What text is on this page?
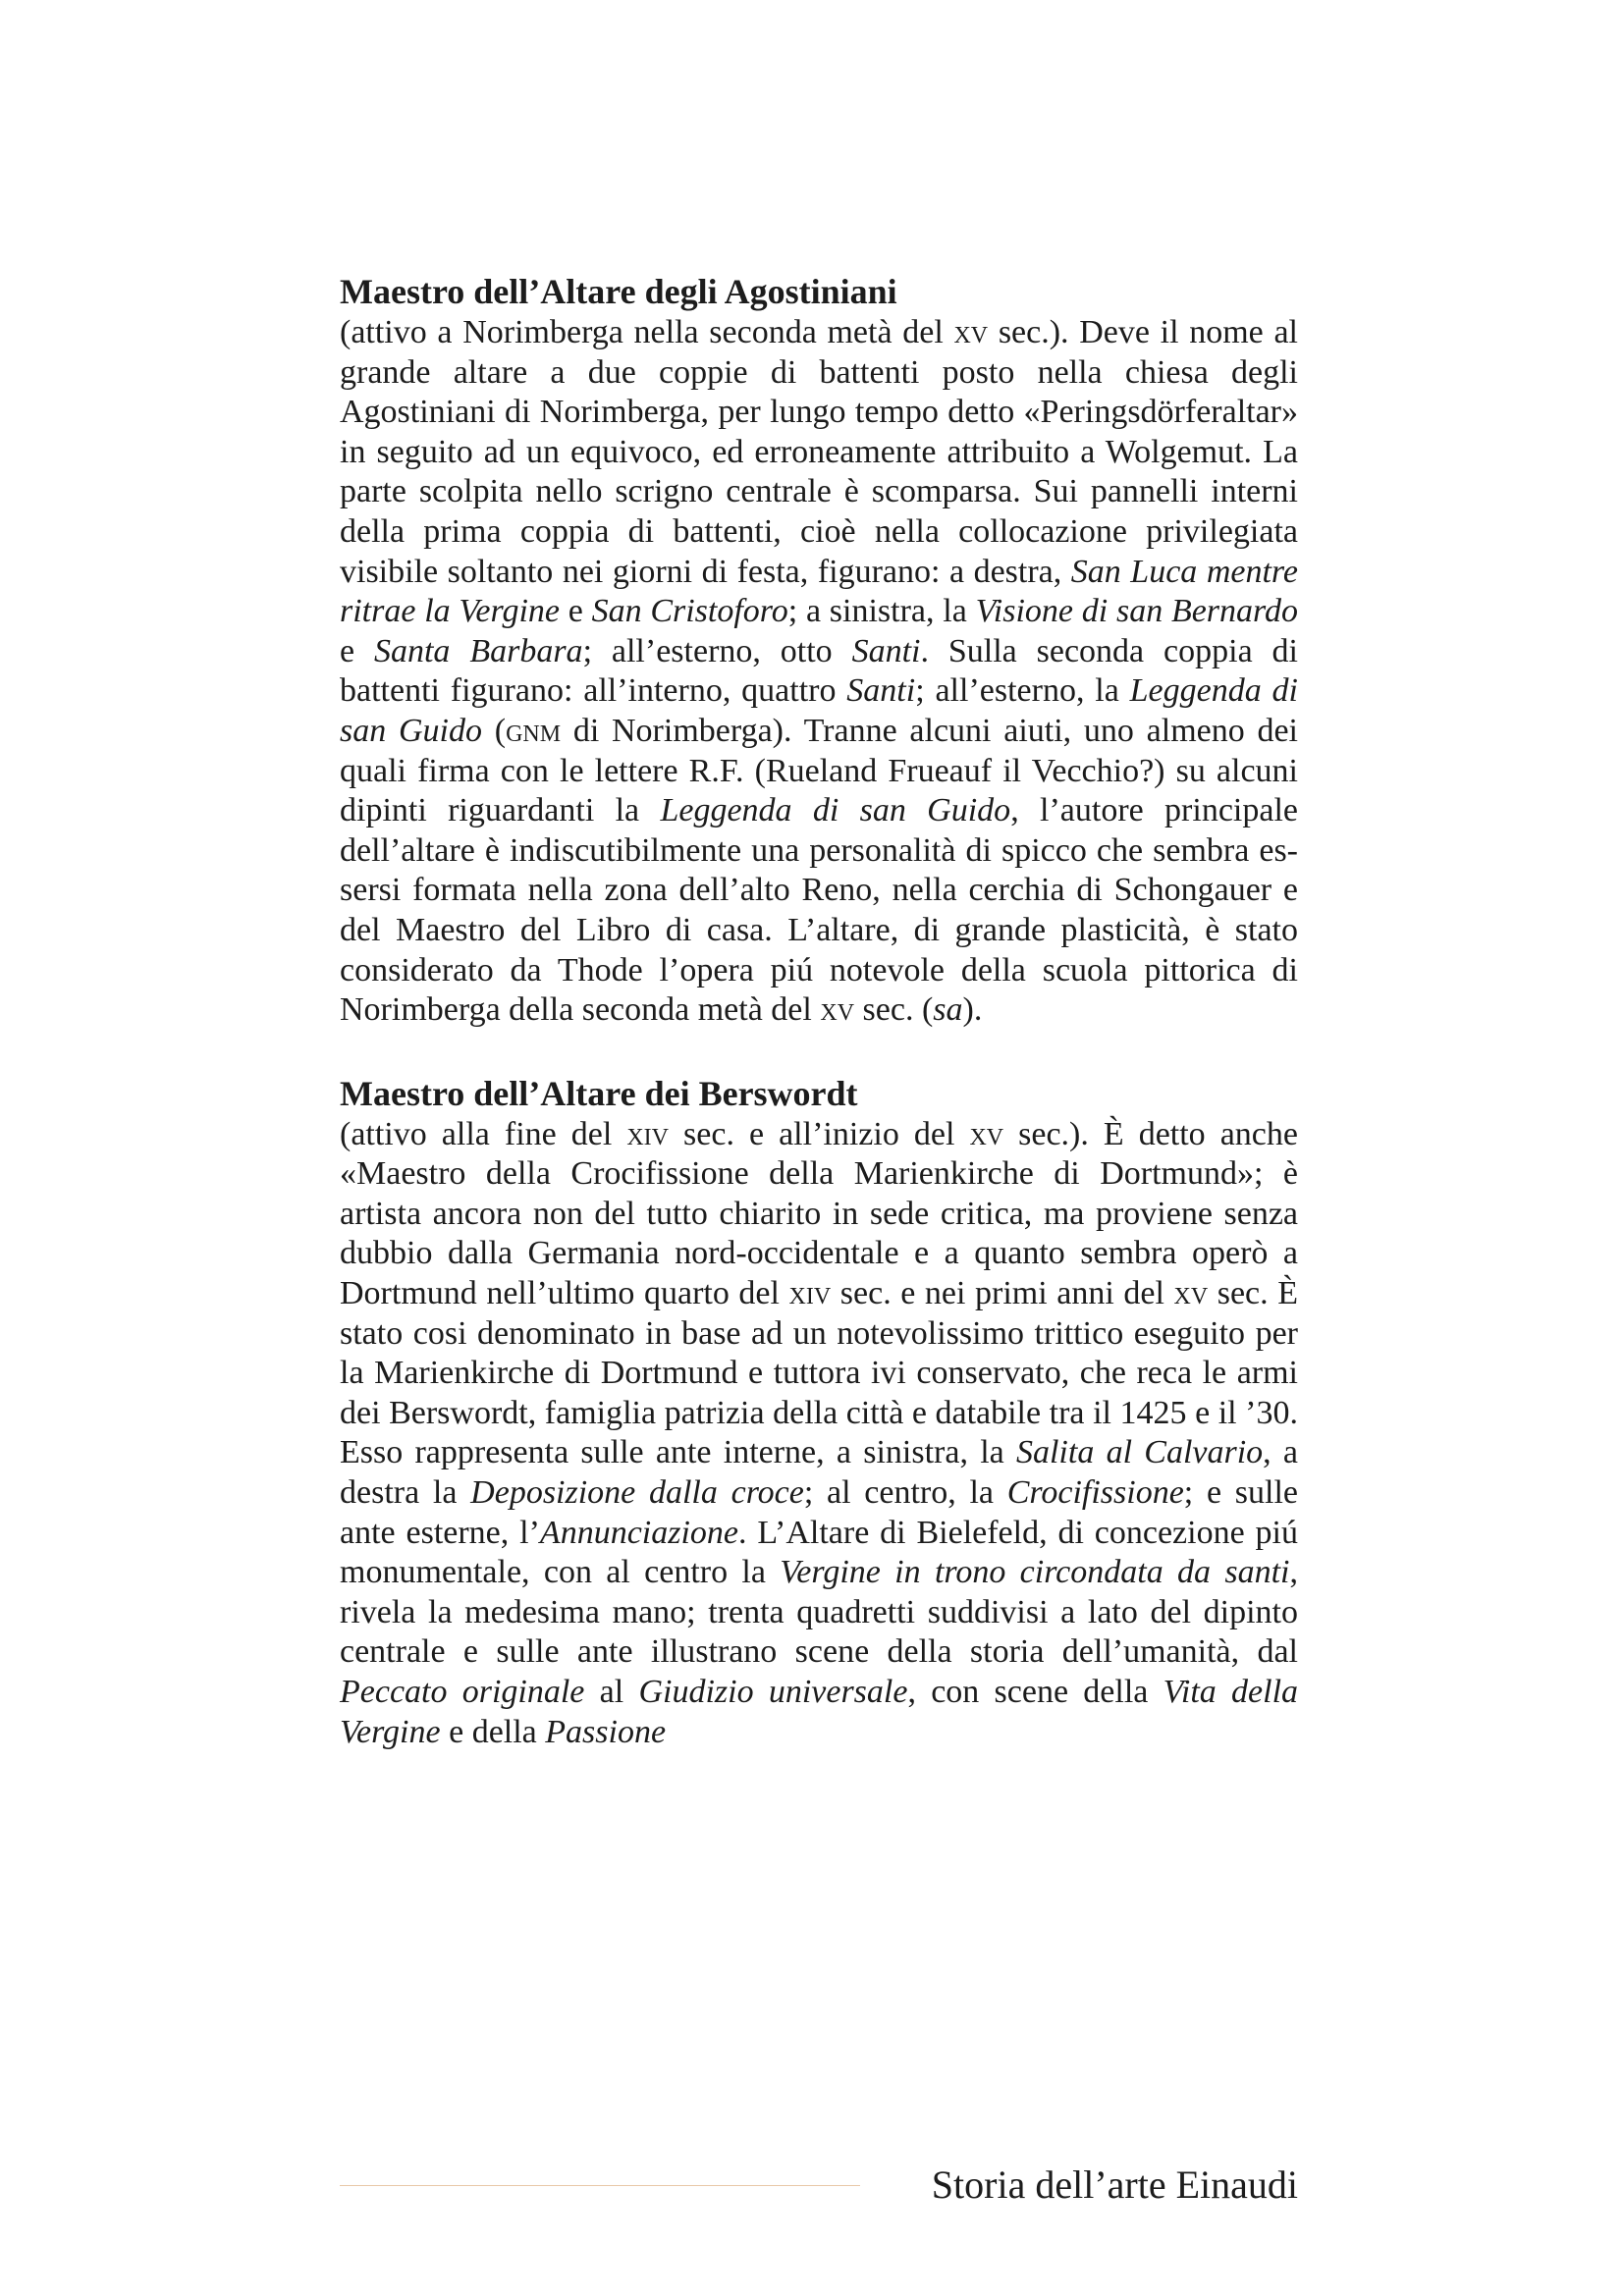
Maestro dell’Altare degli Agostiniani

(attivo a Norimberga nella seconda metà del xv sec.). Deve il nome al grande altare a due coppie di battenti posto nella chiesa degli Agostiniani di Norimberga, per lungo tempo detto «Peringsdörferaltar» in seguito ad un equivoco, ed erroneamente attribuito a Wolgemut. La parte scolpita nello scrigno centrale è scomparsa. Sui pannelli interni della prima coppia di battenti, cioè nella collocazione privilegiata visibile soltanto nei giorni di festa, figurano: a destra, San Luca mentre ritrae la Vergine e San Cristoforo; a sinistra, la Visione di san Bernardo e Santa Barbara; all’esterno, otto Santi. Sulla seconda coppia di battenti figurano: all’interno, quattro Santi; all’esterno, la Leggenda di san Guido (gnm di Norimberga). Tranne alcuni aiuti, uno almeno dei quali firma con le lettere R.F. (Rueland Frueauf il Vecchio?) su alcuni dipinti riguardanti la Leggenda di san Guido, l’autore principale dell’altare è indiscutibilmente una personalità di spicco che sembra es-sersi formata nella zona dell’alto Reno, nella cerchia di Schongauer e del Maestro del Libro di casa. L’altare, di grande plasticità, è stato considerato da Thode l’opera piú notevole della scuola pittorica di Norimberga della seconda metà del xv sec. (sa).

Maestro dell’Altare dei Berswordt

(attivo alla fine del xiv sec. e all’inizio del xv sec.). È detto anche «Maestro della Crocifissione della Marienkirche di Dortmund»; è artista ancora non del tutto chiarito in sede critica, ma proviene senza dubbio dalla Germania nord-occidentale e a quanto sembra operò a Dortmund nell’ultimo quarto del xiv sec. e nei primi anni del xv sec. È stato cosi denominato in base ad un notevolissimo trittico eseguito per la Marienkirche di Dortmund e tuttora ivi conservato, che reca le armi dei Berswordt, famiglia patrizia della città e databile tra il 1425 e il ’30. Esso rappresenta sulle ante interne, a sinistra, la Salita al Calvario, a destra la Deposizione dalla croce; al centro, la Crocifissione; e sulle ante esterne, l’Annunciazione. L’Altare di Bielefeld, di concezione piú monumentale, con al centro la Vergine in trono circondata da santi, rivela la medesima mano; trenta quadretti suddivisi a lato del dipinto centrale e sulle ante illustrano scene della storia dell’umanità, dal Peccato originale al Giudizio universale, con scene della Vita della Vergine e della Passione

Storia dell’arte Einaudi
